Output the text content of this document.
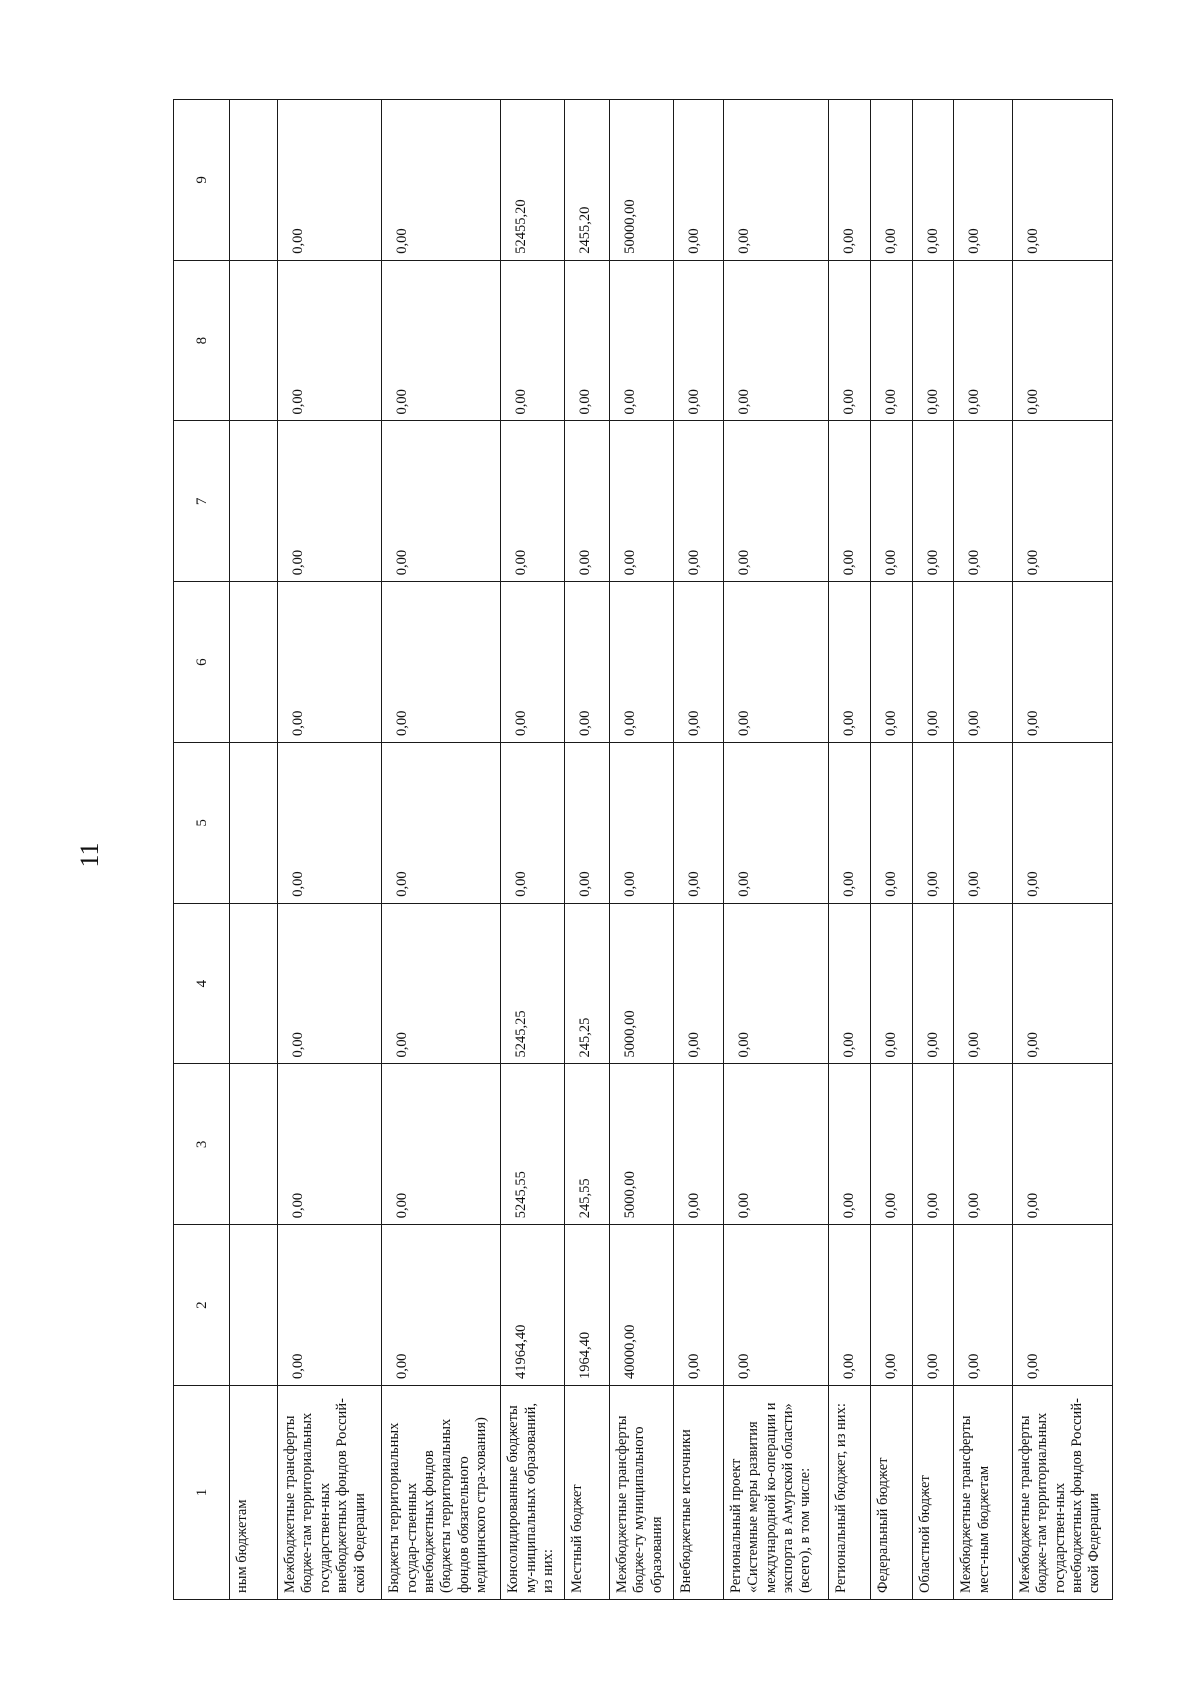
11
1	2	3	4	5	6	7	8	9
ным бюджетам								
Межбюджетные трансферты бюдже-там территориальных государствен-ных внебюджетных фондов Россий-ской Федерации	0,00	0,00	0,00	0,00	0,00	0,00	0,00	0,00
Бюджеты территориальных государ-ственных внебюджетных фондов (бюджеты территориальных фондов обязательного медицинского стра-хования)	0,00	0,00	0,00	0,00	0,00	0,00	0,00	0,00
Консолидированные бюджеты му-ниципальных образований, из них:	41964,40	5245,55	5245,25	0,00	0,00	0,00	0,00	52455,20
Местный бюджет	1964,40	245,55	245,25	0,00	0,00	0,00	0,00	2455,20
Межбюджетные трансферты бюдже-ту муниципального образования	40000,00	5000,00	5000,00	0,00	0,00	0,00	0,00	50000,00
Внебюджетные источники	0,00	0,00	0,00	0,00	0,00	0,00	0,00	0,00
Региональный проект «Системные меры развития международной ко-операции и экспорта в Амурской области» (всего), в том числе:	0,00	0,00	0,00	0,00	0,00	0,00	0,00	0,00
Региональный бюджет, из них:	0,00	0,00	0,00	0,00	0,00	0,00	0,00	0,00
Федеральный бюджет	0,00	0,00	0,00	0,00	0,00	0,00	0,00	0,00
Областной бюджет	0,00	0,00	0,00	0,00	0,00	0,00	0,00	0,00
Межбюджетные трансферты мест-ным бюджетам	0,00	0,00	0,00	0,00	0,00	0,00	0,00	0,00
Межбюджетные трансферты бюдже-там территориальных государствен-ных внебюджетных фондов Россий-ской Федерации	0,00	0,00	0,00	0,00	0,00	0,00	0,00	0,00
